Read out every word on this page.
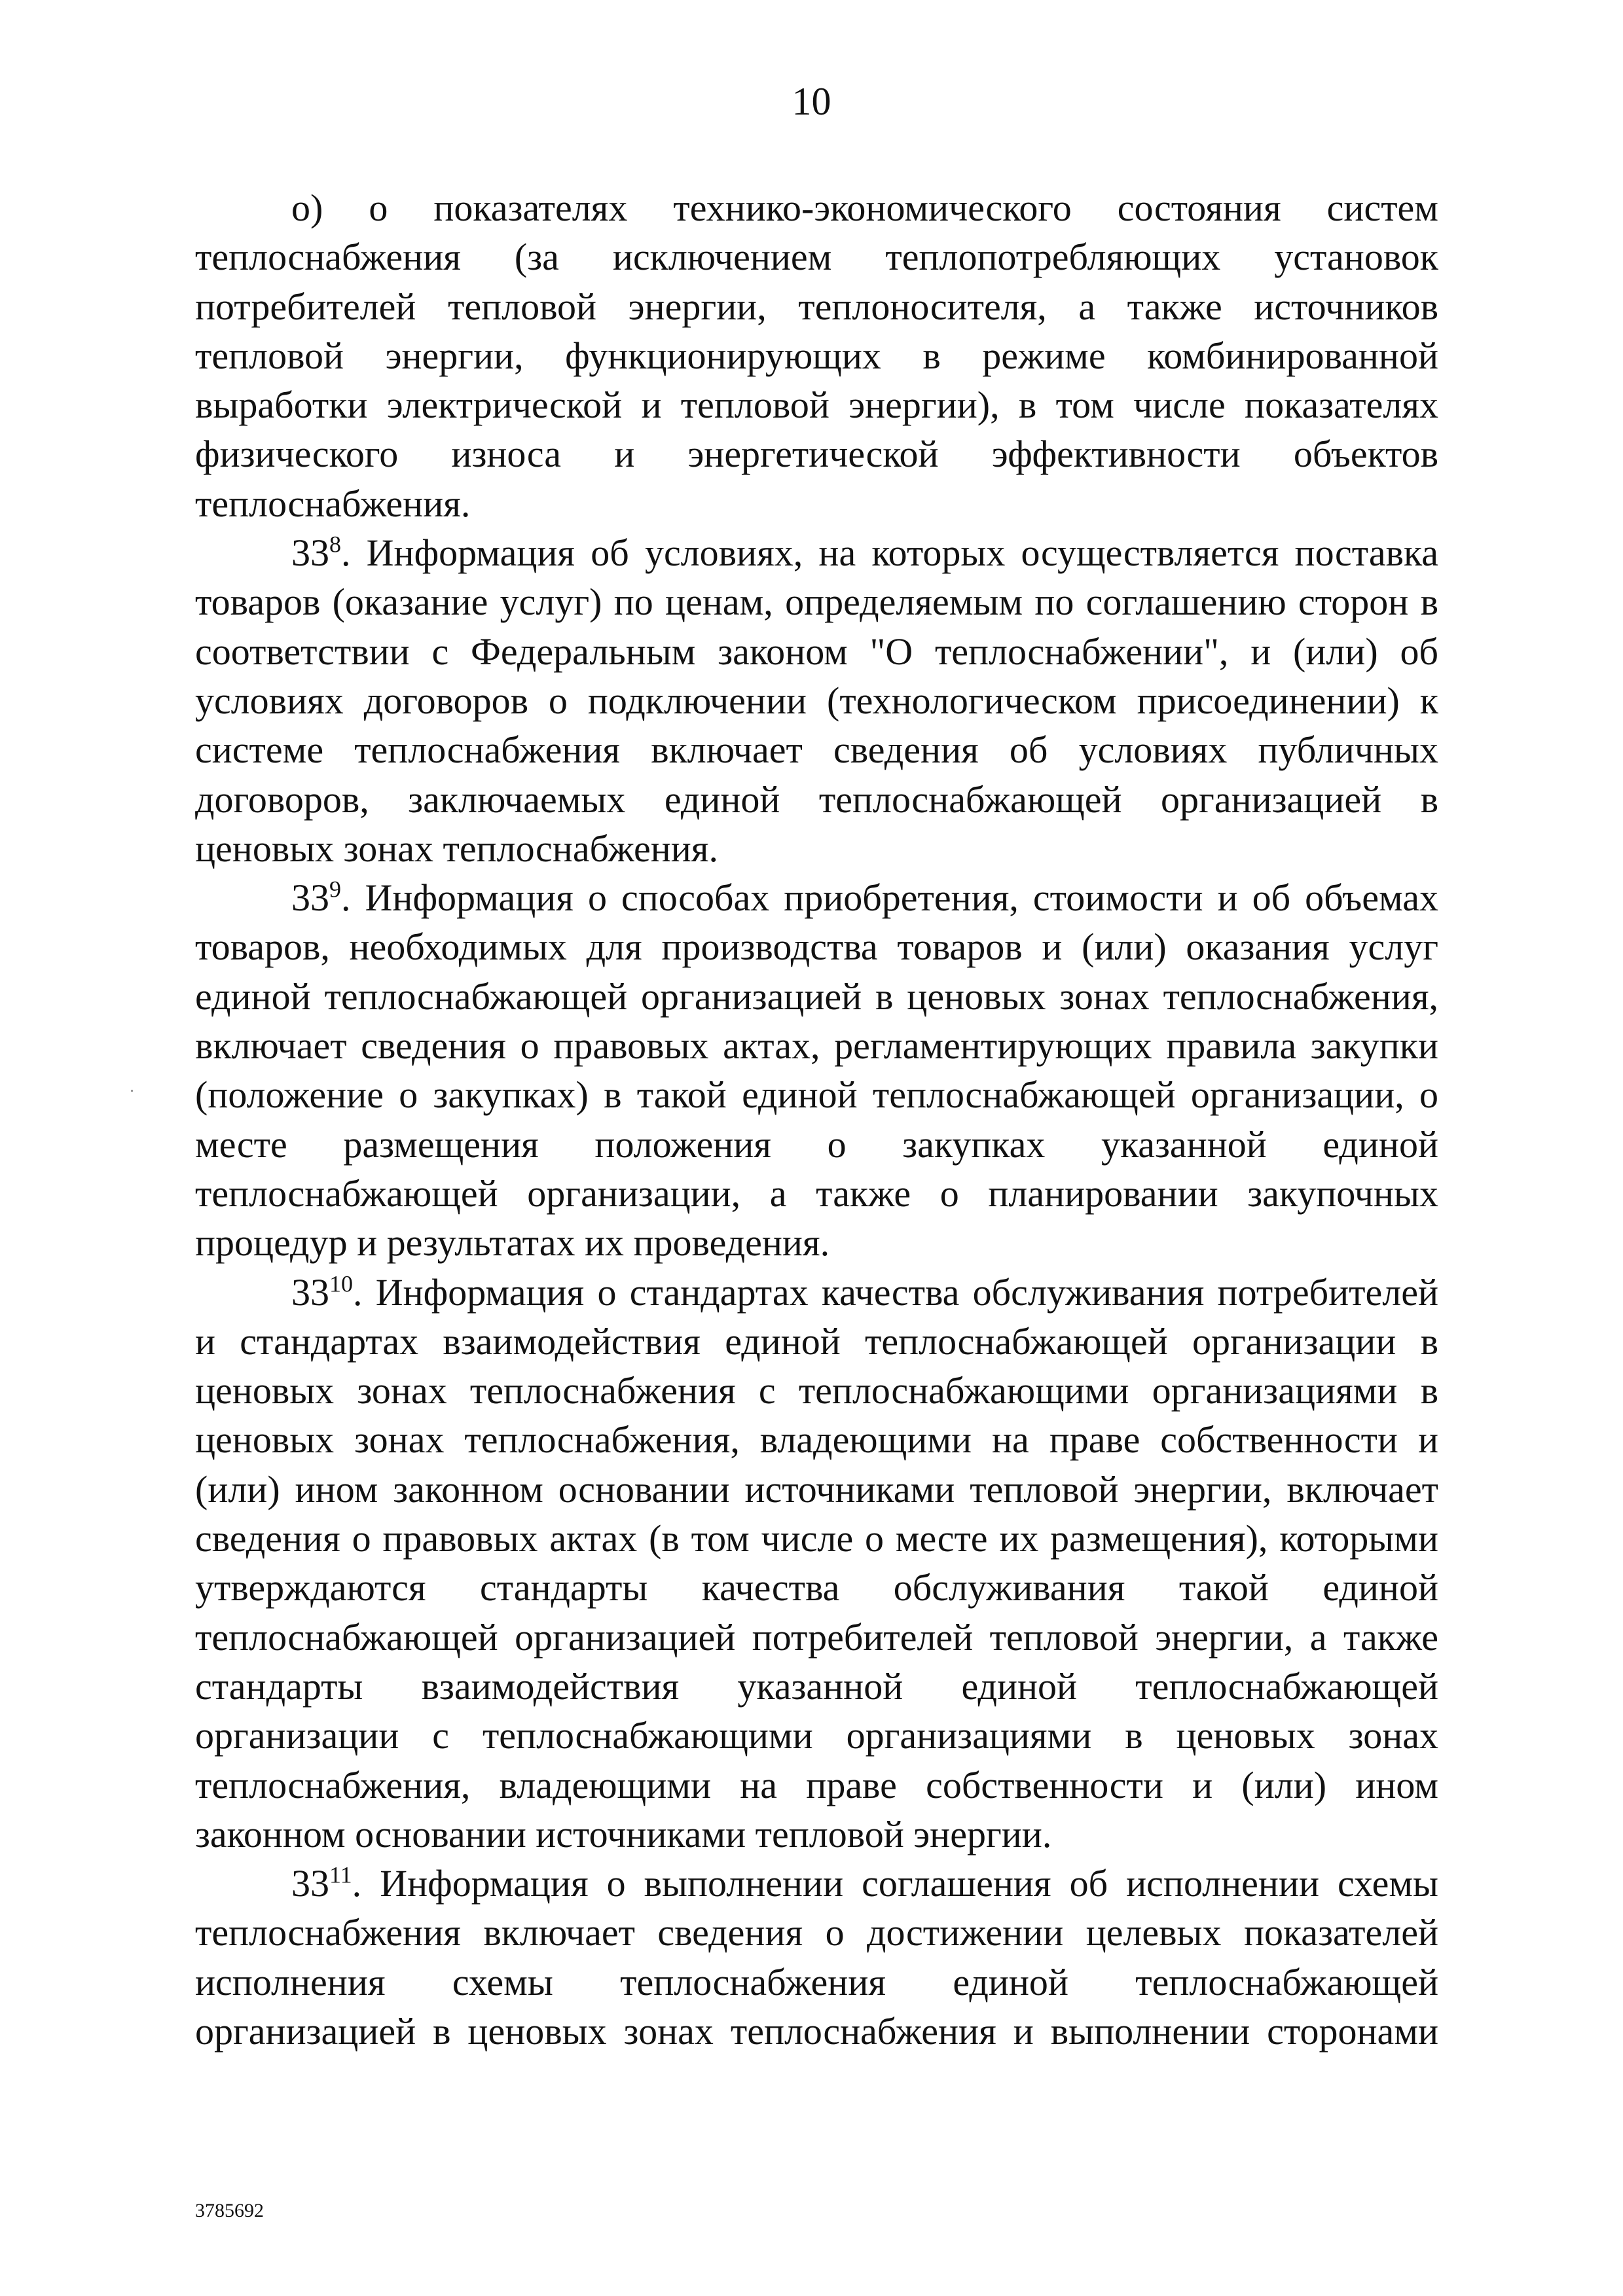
10

о) о показателях технико-экономического состояния систем теплоснабжения (за исключением теплопотребляющих установок потребителей тепловой энергии, теплоносителя, а также источников тепловой энергии, функционирующих в режиме комбинированной выработки электрической и тепловой энергии), в том числе показателях физического износа и энергетической эффективности объектов теплоснабжения.

$33^8$. Информация об условиях, на которых осуществляется поставка товаров (оказание услуг) по ценам, определяемым по соглашению сторон в соответствии с Федеральным законом "О теплоснабжении", и (или) об условиях договоров о подключении (технологическом присоединении) к системе теплоснабжения включает сведения об условиях публичных договоров, заключаемых единой теплоснабжающей организацией в ценовых зонах теплоснабжения.

$33^9$. Информация о способах приобретения, стоимости и об объемах товаров, необходимых для производства товаров и (или) оказания услуг единой теплоснабжающей организацией в ценовых зонах теплоснабжения, включает сведения о правовых актах, регламентирующих правила закупки (положение о закупках) в такой единой теплоснабжающей организации, о месте размещения положения о закупках указанной единой теплоснабжающей организации, а также о планировании закупочных процедур и результатах их проведения.

$33^{10}$. Информация о стандартах качества обслуживания потребителей и стандартах взаимодействия единой теплоснабжающей организации в ценовых зонах теплоснабжения с теплоснабжающими организациями в ценовых зонах теплоснабжения, владеющими на праве собственности и (или) ином законном основании источниками тепловой энергии, включает сведения о правовых актах (в том числе о месте их размещения), которыми утверждаются стандарты качества обслуживания такой единой теплоснабжающей организацией потребителей тепловой энергии, а также стандарты взаимодействия указанной единой теплоснабжающей организации с теплоснабжающими организациями в ценовых зонах теплоснабжения, владеющими на праве собственности и (или) ином законном основании источниками тепловой энергии.

$33^{11}$. Информация о выполнении соглашения об исполнении схемы теплоснабжения включает сведения о достижении целевых показателей исполнения схемы теплоснабжения единой теплоснабжающей организацией в ценовых зонах теплоснабжения и выполнении сторонами

3785692
